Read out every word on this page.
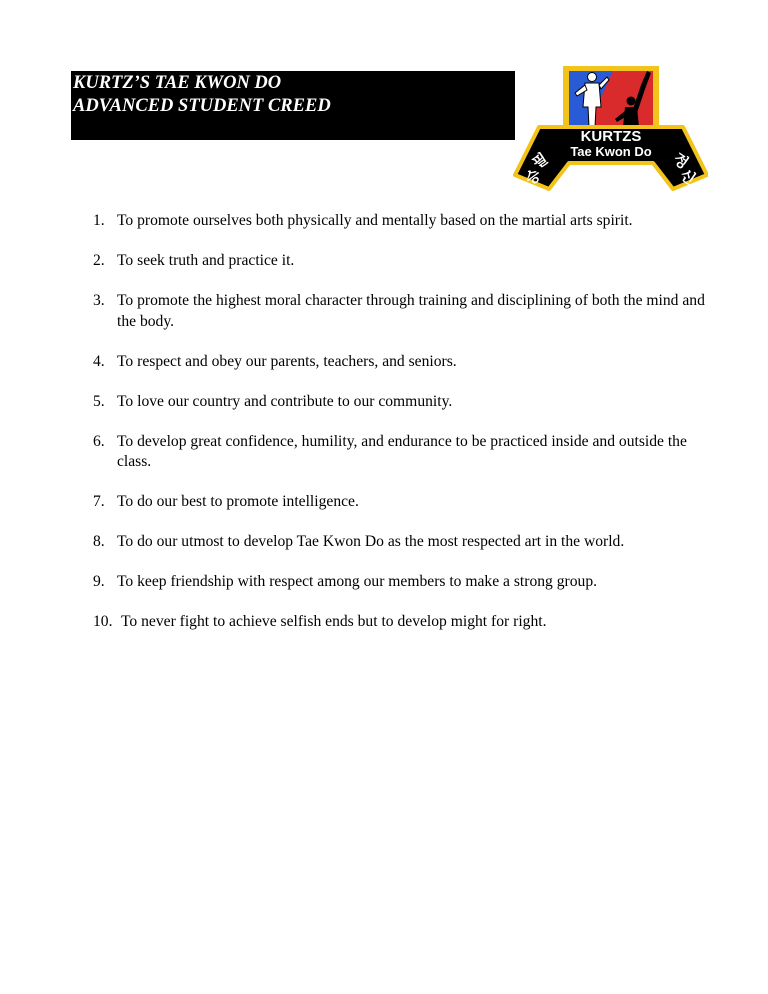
KURTZ’S TAE KWON DO
ADVANCED STUDENT CREED
KURTZS
Tae Kwon Do
필
승
정
신
1. To promote ourselves both physically and mentally based on the martial arts spirit.
2. To seek truth and practice it.
3. To promote the highest moral character through training and disciplining of both the mind and the body.
4. To respect and obey our parents, teachers, and seniors.
5. To love our country and contribute to our community.
6. To develop great confidence, humility, and endurance to be practiced inside and outside the class.
7. To do our best to promote intelligence.
8. To do our utmost to develop Tae Kwon Do as the most respected art in the world.
9. To keep friendship with respect among our members to make a strong group.
10. To never fight to achieve selfish ends but to develop might for right.
